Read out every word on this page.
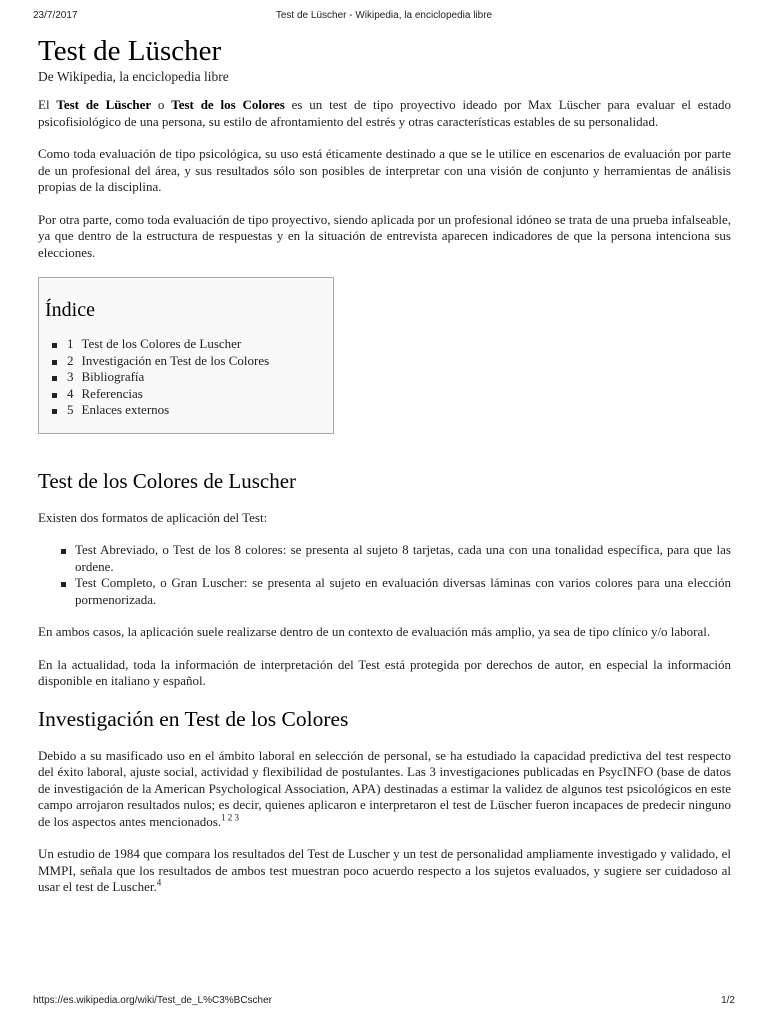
23/7/2017	Test de Lüscher - Wikipedia, la enciclopedia libre
Test de Lüscher
De Wikipedia, la enciclopedia libre

El Test de Lüscher o Test de los Colores es un test de tipo proyectivo ideado por Max Lüscher para evaluar el estado psicofisiológico de una persona, su estilo de afrontamiento del estrés y otras características estables de su personalidad.

Como toda evaluación de tipo psicológica, su uso está éticamente destinado a que se le utilice en escenarios de evaluación por parte de un profesional del área, y sus resultados sólo son posibles de interpretar con una visión de conjunto y herramientas de análisis propias de la disciplina.

Por otra parte, como toda evaluación de tipo proyectivo, siendo aplicada por un profesional idóneo se trata de una prueba infalseable, ya que dentro de la estructura de respuestas y en la situación de entrevista aparecen indicadores de que la persona intenciona sus elecciones.

Índice
1 Test de los Colores de Luscher
2 Investigación en Test de los Colores
3 Bibliografía
4 Referencias
5 Enlaces externos
Test de los Colores de Luscher

Existen dos formatos de aplicación del Test:

Test Abreviado, o Test de los 8 colores: se presenta al sujeto 8 tarjetas, cada una con una tonalidad específica, para que las ordene.
Test Completo, o Gran Luscher: se presenta al sujeto en evaluación diversas láminas con varios colores para una elección pormenorizada.

En ambos casos, la aplicación suele realizarse dentro de un contexto de evaluación más amplio, ya sea de tipo clínico y/o laboral.

En la actualidad, toda la información de interpretación del Test está protegida por derechos de autor, en especial la información disponible en italiano y español.

Investigación en Test de los Colores

Debido a su masificado uso en el ámbito laboral en selección de personal, se ha estudiado la capacidad predictiva del test respecto del éxito laboral, ajuste social, actividad y flexibilidad de postulantes. Las 3 investigaciones publicadas en PsycINFO (base de datos de investigación de la American Psychological Association, APA) destinadas a estimar la validez de algunos test psicológicos en este campo arrojaron resultados nulos; es decir, quienes aplicaron e interpretaron el test de Lüscher fueron incapaces de predecir ninguno de los aspectos antes mencionados.$^{1 2 3}$

Un estudio de 1984 que compara los resultados del Test de Luscher y un test de personalidad ampliamente investigado y validado, el MMPI, señala que los resultados de ambos test muestran poco acuerdo respecto a los sujetos evaluados, y sugiere ser cuidadoso al usar el test de Luscher.$^4$

https://es.wikipedia.org/wiki/Test_de_L%C3%BCscher	1/2
